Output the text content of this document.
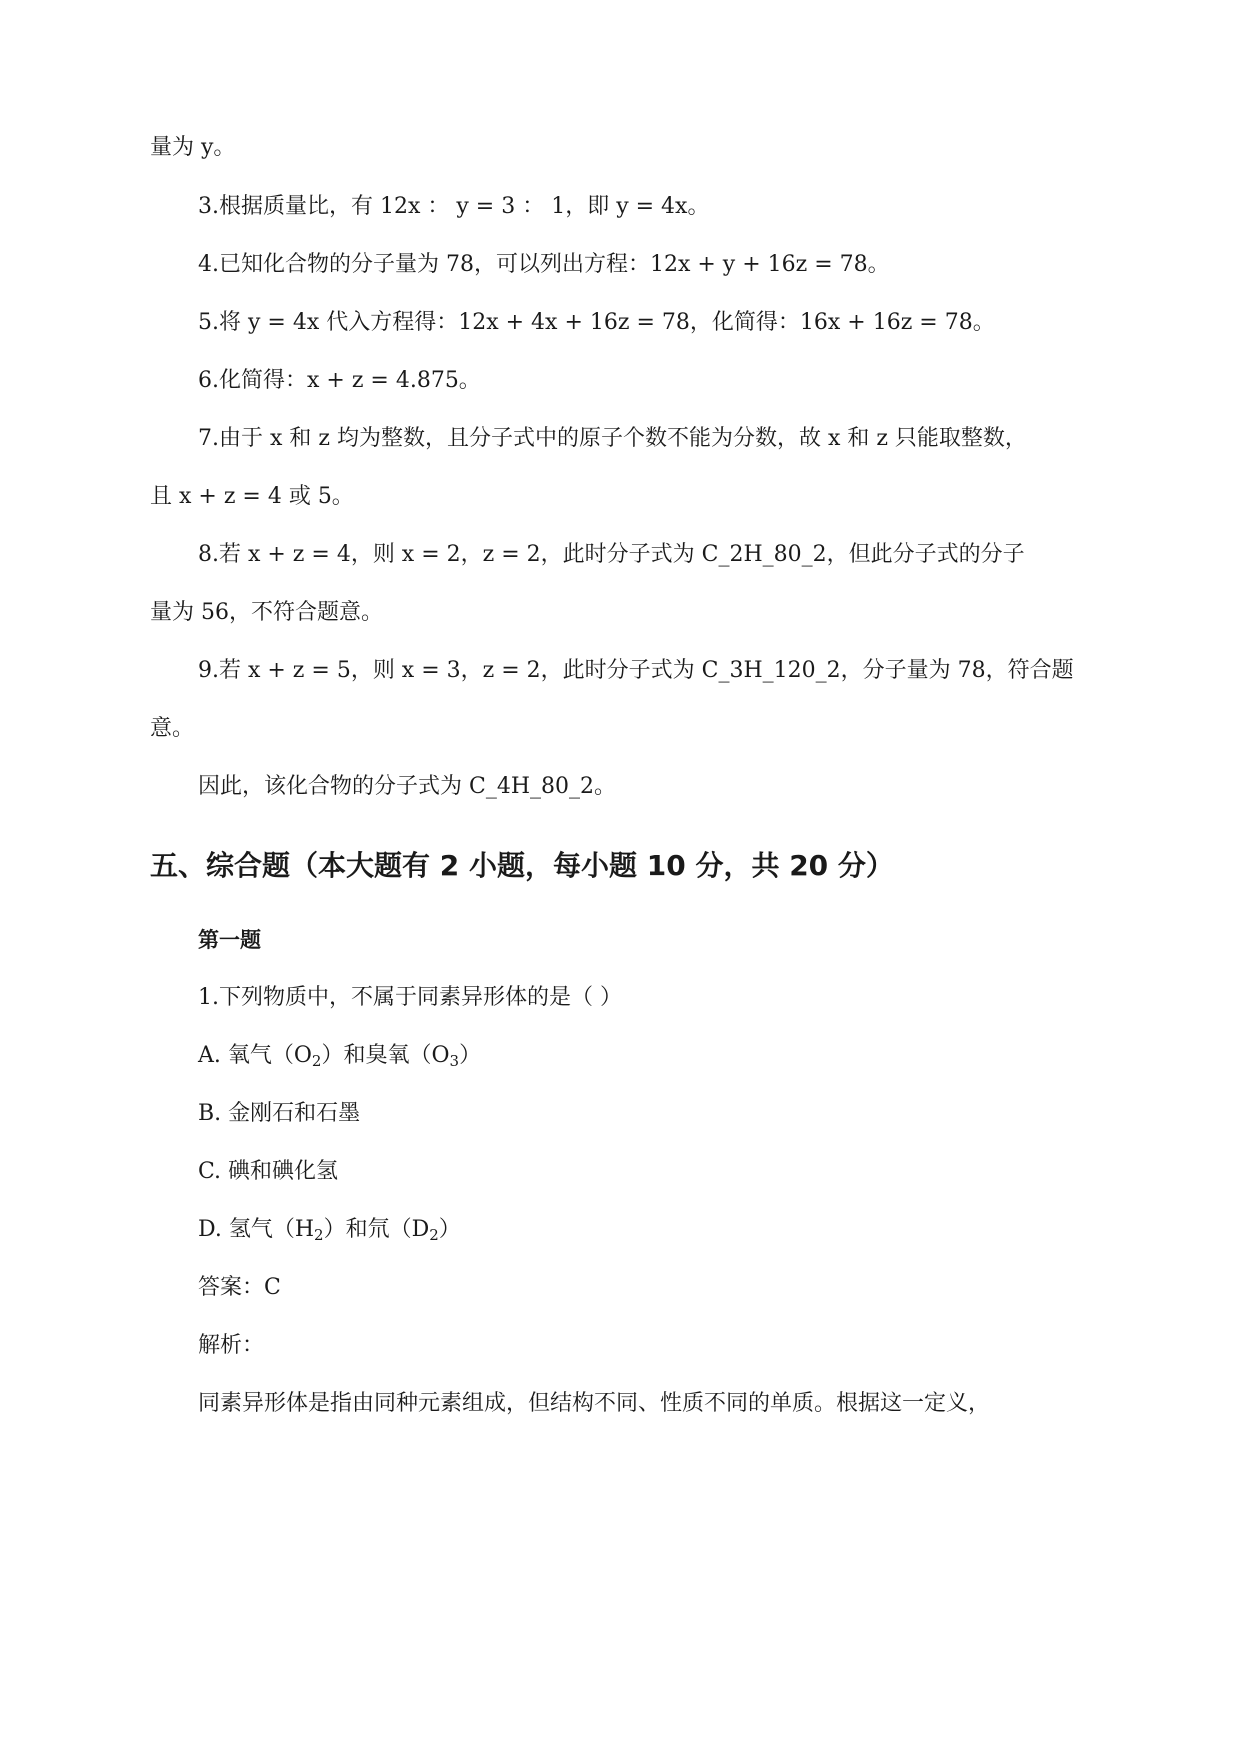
量为 y。
3.根据质量比，有 12x ： y = 3 ： 1，即 y = 4x。
4.已知化合物的分子量为 78，可以列出方程：12x + y + 16z = 78。
5.将 y = 4x 代入方程得：12x + 4x + 16z = 78，化简得：16x + 16z = 78。
6.化简得：x + z = 4.875。
7.由于 x 和 z 均为整数，且分子式中的原子个数不能为分数，故 x 和 z 只能取整数，
且 x + z = 4 或 5。
8.若 x + z = 4，则 x = 2，z = 2，此时分子式为 C_2H_80_2，但此分子式的分子
量为 56，不符合题意。
9.若 x + z = 5，则 x = 3，z = 2，此时分子式为 C_3H_120_2，分子量为 78，符合题
意。
因此，该化合物的分子式为 C_4H_80_2。
五、综合题（本大题有 2 小题，每小题 10 分，共 20 分）
第一题
1.下列物质中，不属于同素异形体的是（ ）
A. 氧气$(O_2)$和臭氧$(O_3)$
B. 金刚石和石墨
C. 碘和碘化氢
D. 氢气$(H_2)$和氘$(D_2)$
答案：C
解析：
同素异形体是指由同种元素组成，但结构不同、性质不同的单质。根据这一定义，
